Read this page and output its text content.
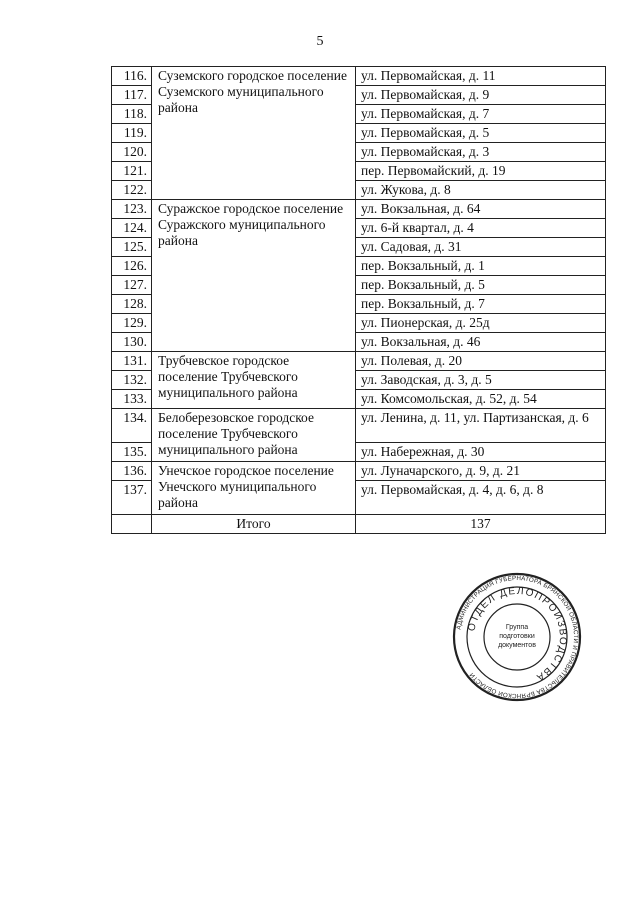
5
116.	Суземского городское поселение Суземского муниципального района	ул. Первомайская, д. 11
117.		ул. Первомайская, д. 9
118.		ул. Первомайская, д. 7
119.		ул. Первомайская, д. 5
120.		ул. Первомайская, д. 3
121.		пер. Первомайский, д. 19
122.		ул. Жукова, д. 8
123.	Суражское городское поселение Суражского муниципального района	ул. Вокзальная, д. 64
124.		ул. 6-й квартал, д. 4
125.		ул. Садовая, д. 31
126.		пер. Вокзальный, д. 1
127.		пер. Вокзальный, д. 5
128.		пер. Вокзальный, д. 7
129.		ул. Пионерская, д. 25д
130.		ул. Вокзальная, д. 46
131.	Трубчевское городское поселение Трубчевского муниципального района	ул. Полевая, д. 20
132.		ул. Заводская, д. 3, д. 5
133.		ул. Комсомольская, д. 52, д. 54
134.	Белоберезовское городское поселение Трубчевского муниципального района	ул. Ленина, д. 11, ул. Партизанская, д. 6
135.		ул. Набережная, д. 30
136.	Унечское городское поселение Унечского муниципального района	ул. Луначарского, д. 9, д. 21
137.		ул. Первомайская, д. 4, д. 6, д. 8
	Итого	137
АДМИНИСТРАЦИЯ ГУБЕРНАТОРА БРЯНСКОЙ ОБЛАСТИ И ПРАВИТЕЛЬСТВА БРЯНСКОЙ ОБЛАСТИ
ОТДЕЛ ДЕЛОПРОИЗВОДСТВА
Группа подготовки документов
